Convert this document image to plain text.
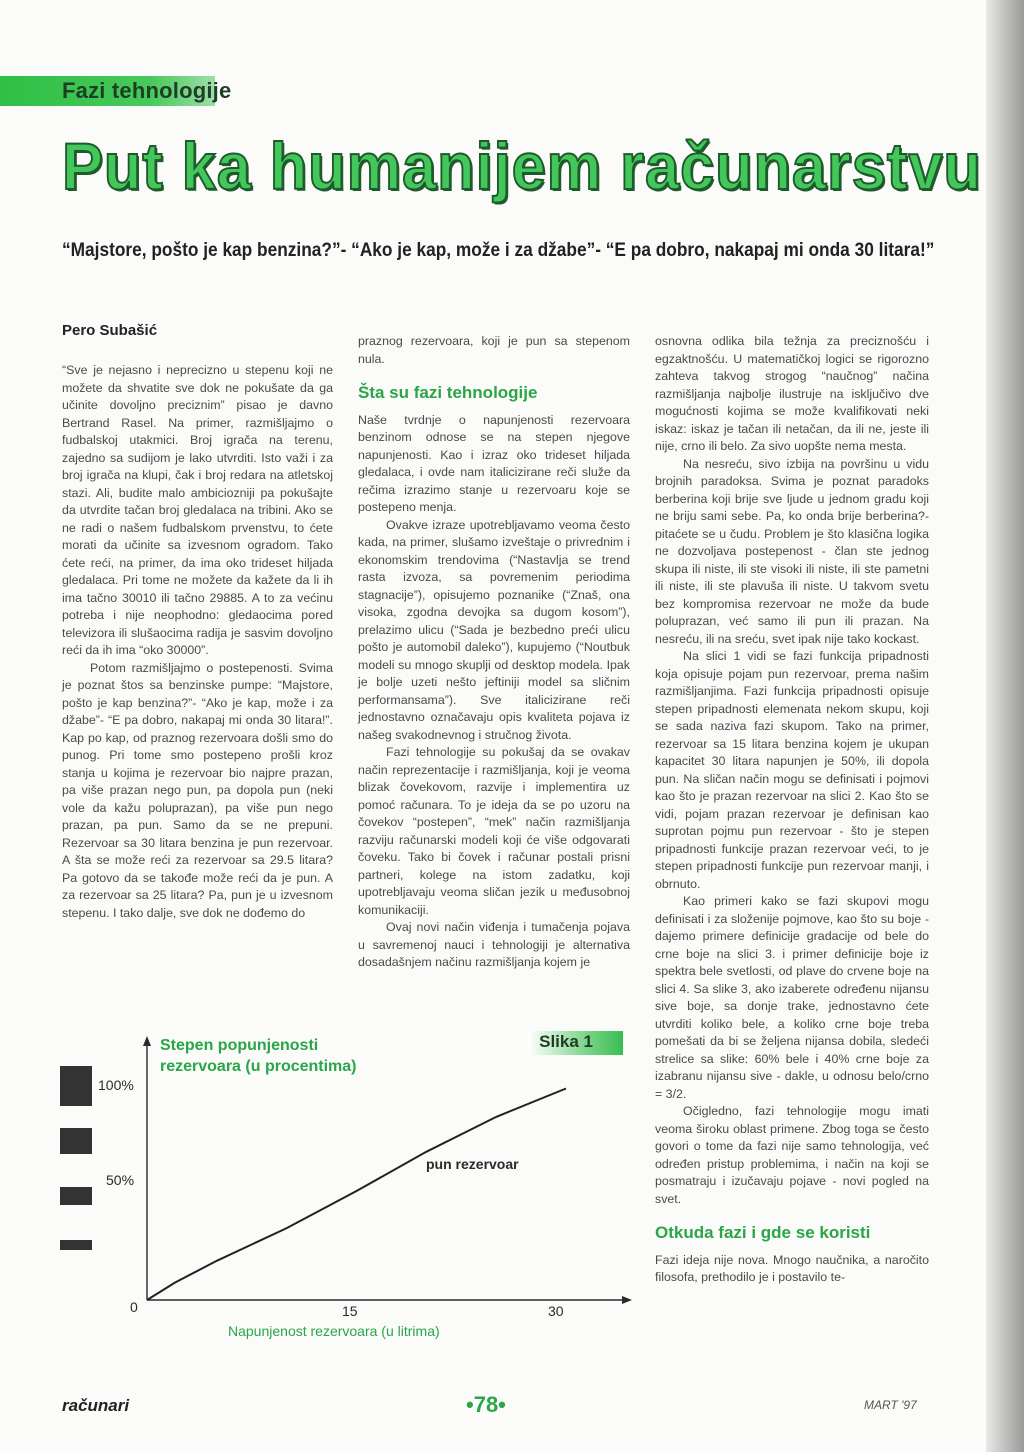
Fazi tehnologije
Put ka humanijem računarstvu
“Majstore, pošto je kap benzina?”- “Ako je kap, može i za džabe”- “E pa dobro, nakapaj mi onda 30 litara!”
Pero Subašić

“Sve je nejasno i neprecizno u stepenu koji ne možete da shvatite sve dok ne pokušate da ga učinite dovoljno preciznim” pisao je davno Bertrand Rasel. Na primer, razmišljajmo o fudbalskoj utakmici. Broj igrača na terenu, zajedno sa sudijom je lako utvrditi. Isto važi i za broj igrača na klupi, čak i broj redara na atletskoj stazi. Ali, budite malo ambiciozniji pa pokušajte da utvrdite tačan broj gledalaca na tribini. Ako se ne radi o našem fudbalskom prvenstvu, to ćete morati da učinite sa izvesnom ogradom. Tako ćete reći, na primer, da ima oko trideset hiljada gledalaca. Pri tome ne možete da kažete da li ih ima tačno 30010 ili tačno 29885. A to za većinu potreba i nije neophodno: gledaocima pored televizora ili slušaocima radija je sasvim dovoljno reći da ih ima “oko 30000”.

Potom razmišljajmo o postepenosti. Svima je poznat štos sa benzinske pumpe: “Majstore, pošto je kap benzina?”- “Ako je kap, može i za džabe”- “E pa dobro, nakapaj mi onda 30 litara!”. Kap po kap, od praznog rezervoara došli smo do punog. Pri tome smo postepeno prošli kroz stanja u kojima je rezervoar bio najpre prazan, pa više prazan nego pun, pa dopola pun (neki vole da kažu poluprazan), pa više pun nego prazan, pa pun. Samo da se ne prepuni. Rezervoar sa 30 litara benzina je pun rezervoar. A šta se može reći za rezervoar sa 29.5 litara? Pa gotovo da se takođe može reći da je pun. A za rezervoar sa 25 litara? Pa, pun je u izvesnom stepenu. I tako dalje, sve dok ne dođemo do

praznog rezervoara, koji je pun sa stepenom nula.

Šta su fazi tehnologije

Naše tvrdnje o napunjenosti rezervoara benzinom odnose se na stepen njegove napunjenosti. Kao i izraz oko trideset hiljada gledalaca, i ovde nam italicizirane reči služe da rečima izrazimo stanje u rezervoaru koje se postepeno menja.

Ovakve izraze upotrebljavamo veoma često kada, na primer, slušamo izveštaje o privrednim i ekonomskim trendovima (“Nastavlja se trend rasta izvoza, sa povremenim periodima stagnacije”), opisujemo poznanike (“Znaš, ona visoka, zgodna devojka sa dugom kosom”), prelazimo ulicu (“Sada je bezbedno preći ulicu pošto je automobil daleko”), kupujemo (“Noutbuk modeli su mnogo skuplji od desktop modela. Ipak je bolje uzeti nešto jeftiniji model sa sličnim performansama”). Sve italicizirane reči jednostavno označavaju opis kvaliteta pojava iz našeg svakodnevnog i stručnog života.

Fazi tehnologije su pokušaj da se ovakav način reprezentacije i razmišljanja, koji je veoma blizak čovekovom, razvije i implementira uz pomoć računara. To je ideja da se po uzoru na čovekov “postepen”, “mek” način razmišljanja razviju računarski modeli koji će više odgovarati čoveku. Tako bi čovek i računar postali prisni partneri, kolege na istom zadatku, koji upotrebljavaju veoma sličan jezik u međusobnoj komunikaciji.

Ovaj novi način viđenja i tumačenja pojava u savremenoj nauci i tehnologiji je alternativa dosadašnjem načinu razmišljanja kojem je

osnovna odlika bila težnja za preciznošću i egzaktnošću. U matematičkoj logici se rigorozno zahteva takvog strogog “naučnog” načina razmišljanja najbolje ilustruje na isključivo dve mogućnosti kojima se može kvalifikovati neki iskaz: iskaz je tačan ili netačan, da ili ne, jeste ili nije, crno ili belo. Za sivo uopšte nema mesta.

Na nesreću, sivo izbija na površinu u vidu brojnih paradoksa. Svima je poznat paradoks berberina koji brije sve ljude u jednom gradu koji ne briju sami sebe. Pa, ko onda brije berberina?- pitaćete se u čudu. Problem je što klasična logika ne dozvoljava postepenost - član ste jednog skupa ili niste, ili ste visoki ili niste, ili ste pametni ili niste, ili ste plavuša ili niste. U takvom svetu bez kompromisa rezervoar ne može da bude poluprazan, već samo ili pun ili prazan. Na nesreću, ili na sreću, svet ipak nije tako kockast.

Na slici 1 vidi se fazi funkcija pripadnosti koja opisuje pojam pun rezervoar, prema našim razmišljanjima. Fazi funkcija pripadnosti opisuje stepen pripadnosti elemenata nekom skupu, koji se sada naziva fazi skupom. Tako na primer, rezervoar sa 15 litara benzina kojem je ukupan kapacitet 30 litara napunjen je 50%, ili dopola pun. Na sličan način mogu se definisati i pojmovi kao što je prazan rezervoar na slici 2. Kao što se vidi, pojam prazan rezervoar je definisan kao suprotan pojmu pun rezervoar - što je stepen pripadnosti funkcije prazan rezervoar veći, to je stepen pripadnosti funkcije pun rezervoar manji, i obrnuto.

Kao primeri kako se fazi skupovi mogu definisati i za složenije pojmove, kao što su boje - dajemo primere definicije gradacije od bele do crne boje na slici 3. i primer definicije boje iz spektra bele svetlosti, od plave do crvene boje na slici 4. Sa slike 3, ako izaberete određenu nijansu sive boje, sa donje trake, jednostavno ćete utvrditi koliko bele, a koliko crne boje treba pomešati da bi se željena nijansa dobila, sledeći strelice sa slike: 60% bele i 40% crne boje za izabranu nijansu sive - dakle, u odnosu belo/crno = 3/2.

Očigledno, fazi tehnologije mogu imati veoma široku oblast primene. Zbog toga se često govori o tome da fazi nije samo tehnologija, već određen pristup problemima, i način na koji se posmatraju i izučavaju pojave - novi pogled na svet.

Otkuda fazi i gde se koristi

Fazi ideja nije nova. Mnogo naučnika, a naročito filosofa, prethodilo je i postavilo te-

Slika 1
Stepen popunjenosti
rezervoara (u procentima)
100%
50%
0	15	30
Napunjenost rezervoara (u litrima)
pun rezervoar
računari	•78•	MART '97
